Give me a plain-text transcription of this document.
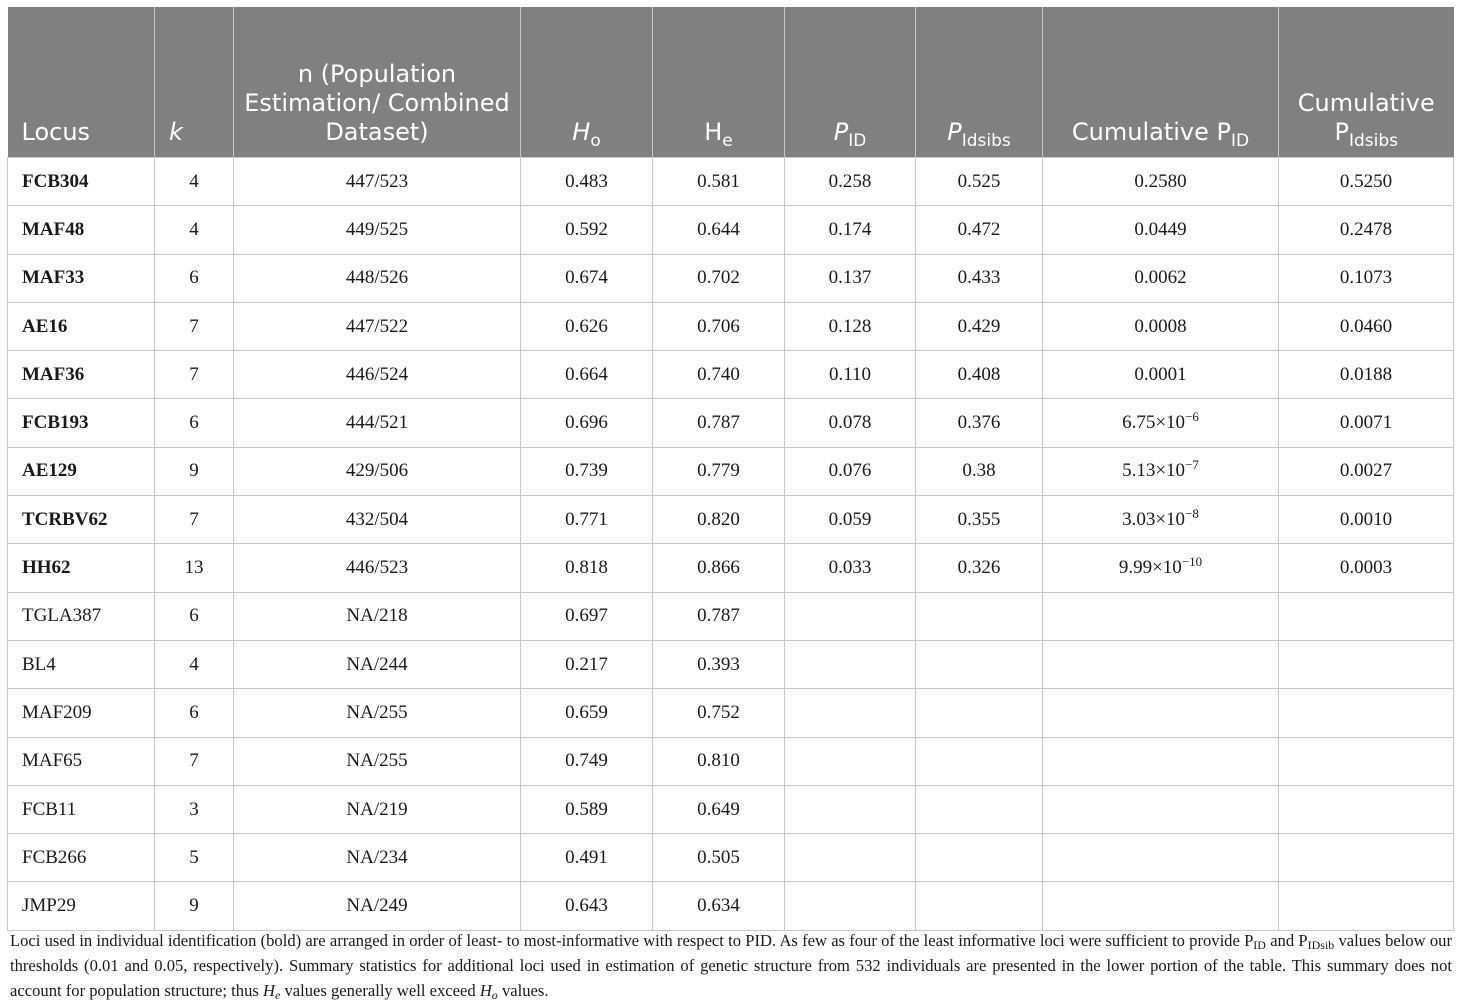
Locus	k	n (Population Estimation/ Combined Dataset)	$H_o$	$H_e$	$P_{ID}$	$P_{Idsibs}$	Cumulative $P_{ID}$	Cumulative $P_{Idsibs}$
FCB304	4	447/523	0.483	0.581	0.258	0.525	0.2580	0.5250
MAF48	4	449/525	0.592	0.644	0.174	0.472	0.0449	0.2478
MAF33	6	448/526	0.674	0.702	0.137	0.433	0.0062	0.1073
AE16	7	447/522	0.626	0.706	0.128	0.429	0.0008	0.0460
MAF36	7	446/524	0.664	0.740	0.110	0.408	0.0001	0.0188
FCB193	6	444/521	0.696	0.787	0.078	0.376	$6.75\times 10^{-6}$	0.0071
AE129	9	429/506	0.739	0.779	0.076	0.38	$5.13\times 10^{-7}$	0.0027
TCRBV62	7	432/504	0.771	0.820	0.059	0.355	$3.03\times 10^{-8}$	0.0010
HH62	13	446/523	0.818	0.866	0.033	0.326	$9.99\times 10^{-10}$	0.0003
TGLA387	6	NA/218	0.697	0.787				
BL4	4	NA/244	0.217	0.393				
MAF209	6	NA/255	0.659	0.752				
MAF65	7	NA/255	0.749	0.810				
FCB11	3	NA/219	0.589	0.649				
FCB266	5	NA/234	0.491	0.505				
JMP29	9	NA/249	0.643	0.634				

Loci used in individual identification (bold) are arranged in order of least- to most-informative with respect to PID. As few as four of the least informative loci were sufficient to provide $P_{ID}$ and $P_{IDsib}$ values below our thresholds (0.01 and 0.05, respectively). Summary statistics for additional loci used in estimation of genetic structure from 532 individuals are presented in the lower portion of the table. This summary does not account for population structure; thus $H_e$ values generally well exceed $H_o$ values.
